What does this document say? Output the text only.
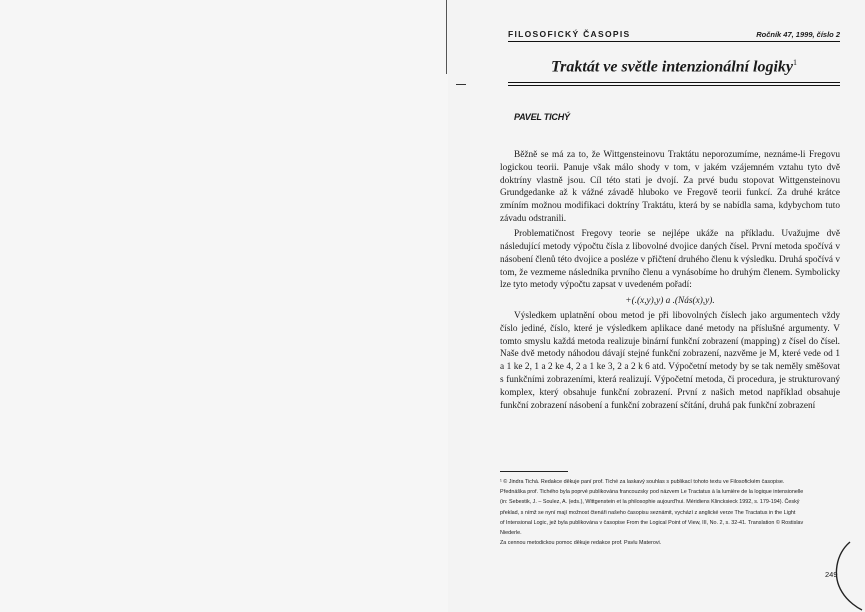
FILOSOFICKÝ ČASOPIS	Ročník 47, 1999, číslo 2
Traktát ve světle intenzionální logiky$^1$
PAVEL TICHÝ

Běžně se má za to, že Wittgensteinovu Traktátu neporozumíme, neznáme-li Fregovu logickou teorii. Panuje však málo shody v tom, v jakém vzájemném vztahu tyto dvě doktríny vlastně jsou. Cíl této stati je dvojí. Za prvé budu stopovat Wittgensteinovu Grundgedanke až k vážné závadě hluboko ve Fregově teorii funkcí. Za druhé krátce zmíním možnou modifikaci doktríny Traktátu, která by se nabídla sama, kdybychom tuto závadu odstranili.

Problematičnost Fregovy teorie se nejlépe ukáže na příkladu. Uvažujme dvě následující metody výpočtu čísla z libovolné dvojice daných čísel. První metoda spočívá v násobení členů této dvojice a posléze v přičtení druhého členu k výsledku. Druhá spočívá v tom, že vezmeme následníka prvního členu a vynásobíme ho druhým členem. Symbolicky lze tyto metody výpočtu zapsat v uvedeném pořadí:

+(.(x,y),y) a .(Nás(x),y).

Výsledkem uplatnění obou metod je při libovolných číslech jako argumentech vždy číslo jediné, číslo, které je výsledkem aplikace dané metody na příslušné argumenty. V tomto smyslu každá metoda realizuje binární funkční zobrazení (mapping) z čísel do čísel. Naše dvě metody náhodou dávají stejné funkční zobrazení, nazvěme je M, které vede od 1 a 1 ke 2, 1 a 2 ke 4, 2 a 1 ke 3, 2 a 2 k 6 atd. Výpočetní metody by se tak neměly směšovat s funkčními zobrazeními, která realizují. Výpočetní metoda, či procedura, je strukturovaný komplex, který obsahuje funkční zobrazení. První z našich metod například obsahuje funkční zobrazení násobení a funkční zobrazení sčítání, druhá pak funkční zobrazení

¹ © Jindra Tichá. Redakce děkuje paní prof. Tiché za laskavý souhlas s publikací tohoto textu ve Filosofickém časopise.

Přednáška prof. Tichého byla poprvé publikována francouzsky pod názvem Le Tractatus à la lumière de la logique intensionelle

(in: Sebestik, J. – Soulez, A. (eds.), Wittgenstein et la philosophie aujourd'hui. Méridiens Klincksieck 1992, s. 179-194). Český

překlad, s nímž se nyní mají možnost čtenáři našeho časopisu seznámit, vychází z anglické verze The Tractatus in the Light

of Intensional Logic, jež byla publikována v časopise From the Logical Point of View, III, No. 2, s. 32-41. Translation © Rostislav

Niederle.

Za cennou metodickou pomoc děkuje redakce prof. Pavlu Materovi.

249
